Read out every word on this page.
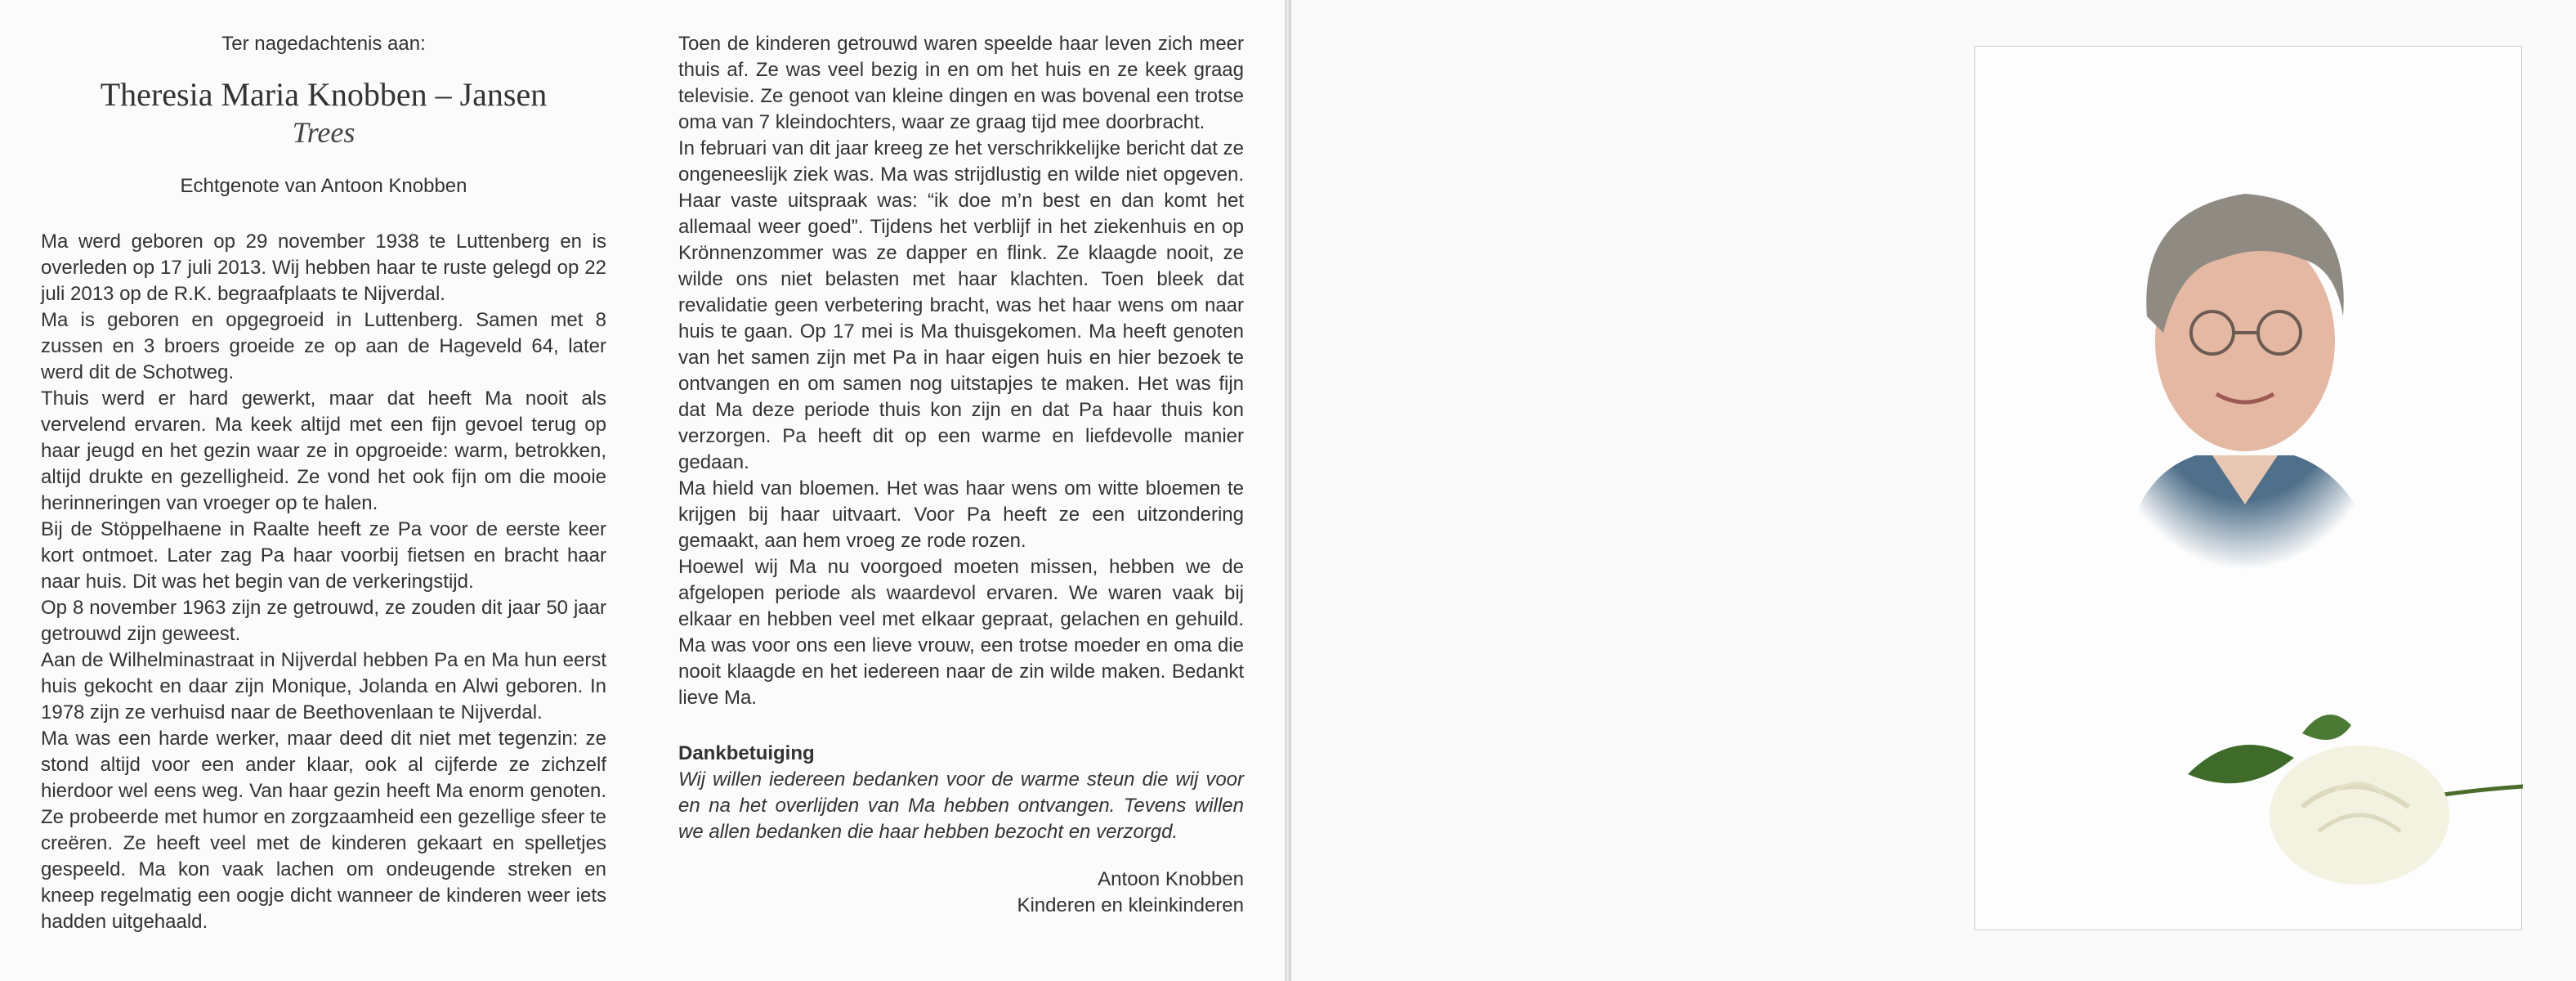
Ter nagedachtenis aan:
Theresia Maria Knobben – Jansen
Trees
Echtgenote van Antoon Knobben

Ma werd geboren op 29 november 1938 te Luttenberg en is overleden op 17 juli 2013. Wij hebben haar te ruste gelegd op 22 juli 2013 op de R.K. begraafplaats te Nijverdal.

Ma is geboren en opgegroeid in Luttenberg. Samen met 8 zussen en 3 broers groeide ze op aan de Hageveld 64, later werd dit de Schotweg.

Thuis werd er hard gewerkt, maar dat heeft Ma nooit als vervelend ervaren. Ma keek altijd met een fijn gevoel terug op haar jeugd en het gezin waar ze in opgroeide: warm, betrokken, altijd drukte en gezelligheid. Ze vond het ook fijn om die mooie herinneringen van vroeger op te halen.

Bij de Stöppelhaene in Raalte heeft ze Pa voor de eerste keer kort ontmoet. Later zag Pa haar voorbij fietsen en bracht haar naar huis. Dit was het begin van de verkeringstijd.

Op 8 november 1963 zijn ze getrouwd, ze zouden dit jaar 50 jaar getrouwd zijn geweest.

Aan de Wilhelminastraat in Nijverdal hebben Pa en Ma hun eerst huis gekocht en daar zijn Monique, Jolanda en Alwi geboren. In 1978 zijn ze verhuisd naar de Beethovenlaan te Nijverdal.

Ma was een harde werker, maar deed dit niet met tegenzin: ze stond altijd voor een ander klaar, ook al cijferde ze zichzelf hierdoor wel eens weg. Van haar gezin heeft Ma enorm genoten. Ze probeerde met humor en zorgzaamheid een gezellige sfeer te creëren. Ze heeft veel met de kinderen gekaart en spelletjes gespeeld. Ma kon vaak lachen om ondeugende streken en kneep regelmatig een oogje dicht wanneer de kinderen weer iets hadden uitgehaald.

Toen de kinderen getrouwd waren speelde haar leven zich meer thuis af. Ze was veel bezig in en om het huis en ze keek graag televisie. Ze genoot van kleine dingen en was bovenal een trotse oma van 7 kleindochters, waar ze graag tijd mee doorbracht.

In februari van dit jaar kreeg ze het verschrikkelijke bericht dat ze ongeneeslijk ziek was. Ma was strijdlustig en wilde niet opgeven. Haar vaste uitspraak was: “ik doe m’n best en dan komt het allemaal weer goed”. Tijdens het verblijf in het ziekenhuis en op Krönnenzommer was ze dapper en flink. Ze klaagde nooit, ze wilde ons niet belasten met haar klachten. Toen bleek dat revalidatie geen verbetering bracht, was het haar wens om naar huis te gaan. Op 17 mei is Ma thuisgekomen. Ma heeft genoten van het samen zijn met Pa in haar eigen huis en hier bezoek te ontvangen en om samen nog uitstapjes te maken. Het was fijn dat Ma deze periode thuis kon zijn en dat Pa haar thuis kon verzorgen. Pa heeft dit op een warme en liefdevolle manier gedaan.

Ma hield van bloemen. Het was haar wens om witte bloemen te krijgen bij haar uitvaart. Voor Pa heeft ze een uitzondering gemaakt, aan hem vroeg ze rode rozen.

Hoewel wij Ma nu voorgoed moeten missen, hebben we de afgelopen periode als waardevol ervaren. We waren vaak bij elkaar en hebben veel met elkaar gepraat, gelachen en gehuild. Ma was voor ons een lieve vrouw, een trotse moeder en oma die nooit klaagde en het iedereen naar de zin wilde maken. Bedankt lieve Ma.

Dankbetuiging

Wij willen iedereen bedanken voor de warme steun die wij voor en na het overlijden van Ma hebben ontvangen. Tevens willen we allen bedanken die haar hebben bezocht en verzorgd.

Antoon Knobben
Kinderen en kleinkinderen
